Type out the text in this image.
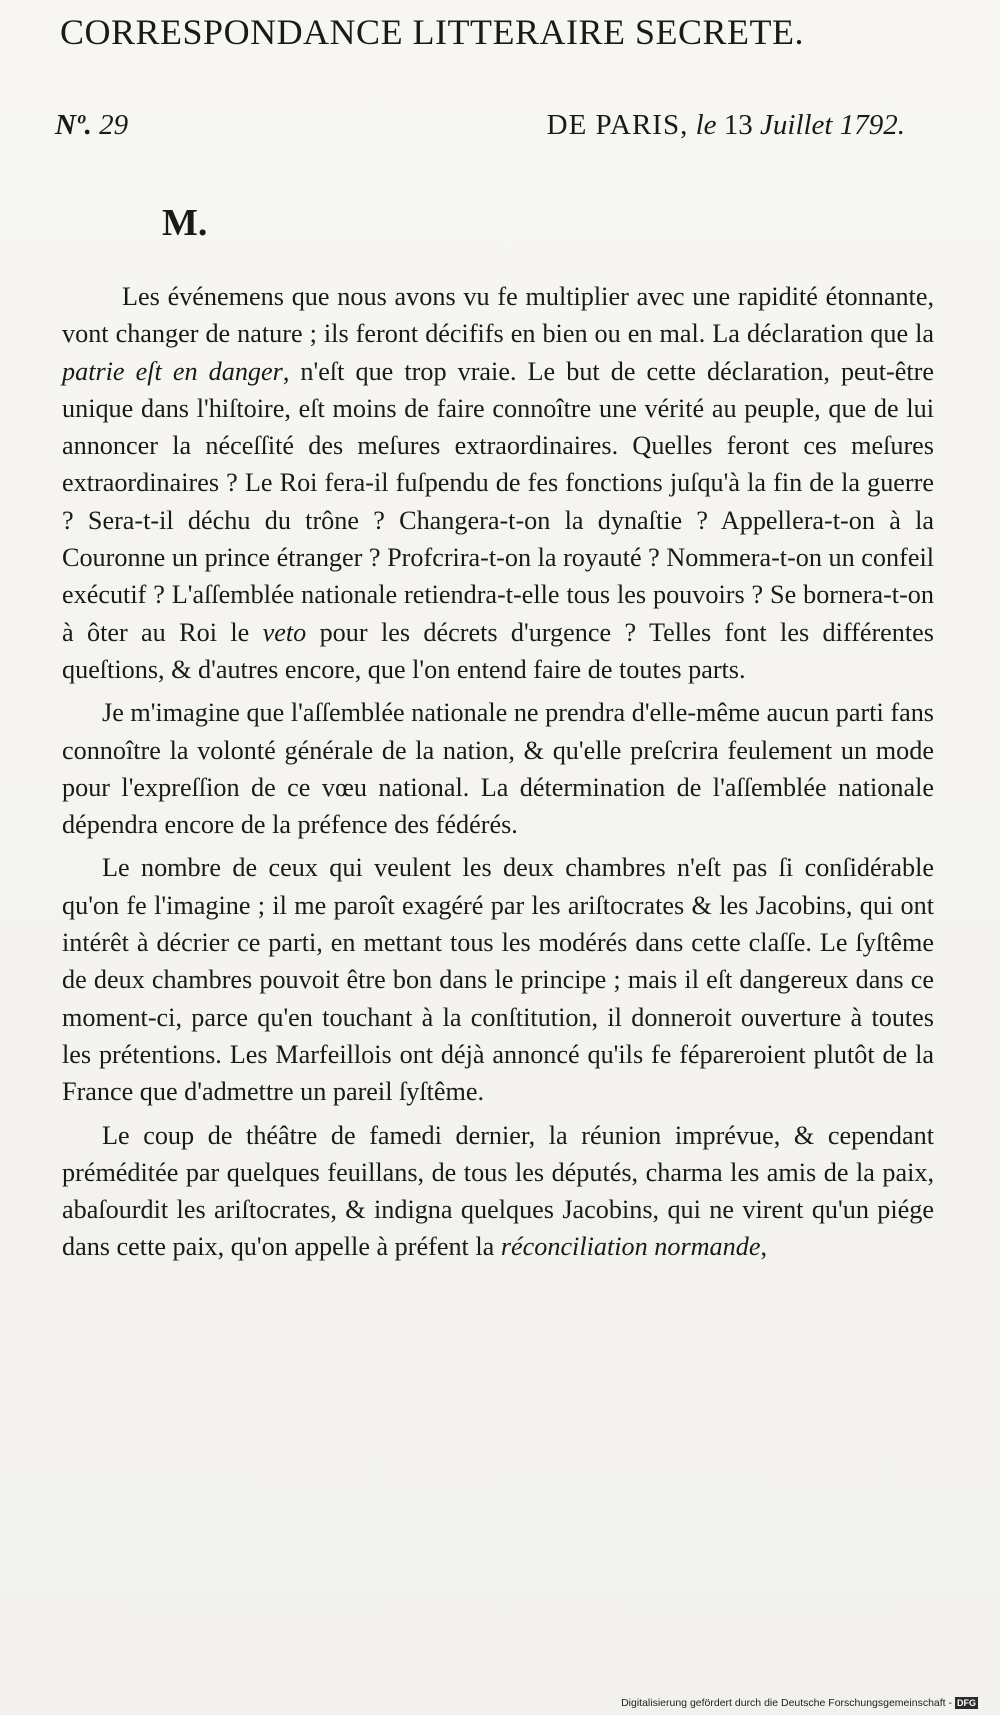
CORRESPONDANCE LITTERAIRE SECRETE.
Nº. 29	DE PARIS, le 13 Juillet 1792.
M.

Les événemens que nous avons vu fe multiplier avec une rapidité étonnante, vont changer de nature ; ils feront décififs en bien ou en mal. La déclaration que la patrie eſt en danger, n'eſt que trop vraie. Le but de cette déclaration, peut-être unique dans l'hiſtoire, eſt moins de faire connoître une vérité au peuple, que de lui annoncer la néceſſité des meſures extraordinaires. Quelles feront ces meſures extraordinaires ? Le Roi fera-il fuſpendu de fes fonctions juſqu'à la fin de la guerre ? Sera-t-il déchu du trône ? Changera-t-on la dynaſtie ? Appellera-t-on à la Couronne un prince étranger ? Profcrira-t-on la royauté ? Nommera-t-on un confeil exécutif ? L'aſſemblée nationale retiendra-t-elle tous les pouvoirs ? Se bornera-t-on à ôter au Roi le veto pour les décrets d'urgence ? Telles font les différentes queſtions, & d'autres encore, que l'on entend faire de toutes parts.

Je m'imagine que l'aſſemblée nationale ne prendra d'elle-même aucun parti fans connoître la volonté générale de la nation, & qu'elle preſcrira feulement un mode pour l'expreſſion de ce vœu national. La détermination de l'aſſemblée nationale dépendra encore de la préfence des fédérés.

Le nombre de ceux qui veulent les deux chambres n'eſt pas ſi conſidérable qu'on fe l'imagine ; il me paroît exagéré par les ariſtocrates & les Jacobins, qui ont intérêt à décrier ce parti, en mettant tous les modérés dans cette claſſe. Le ſyſtême de deux chambres pouvoit être bon dans le principe ; mais il eſt dangereux dans ce moment-ci, parce qu'en touchant à la conſtitution, il donneroit ouverture à toutes les prétentions. Les Marfeillois ont déjà annoncé qu'ils fe fépareroient plutôt de la France que d'admettre un pareil ſyſtême.

Le coup de théâtre de famedi dernier, la réunion imprévue, & cependant préméditée par quelques feuillans, de tous les députés, charma les amis de la paix, abaſourdit les ariſtocrates, & indigna quelques Jacobins, qui ne virent qu'un piége dans cette paix, qu'on appelle à préfent la réconciliation normande,

Digitalisierung gefördert durch die Deutsche Forschungsgemeinschaft - DFG
